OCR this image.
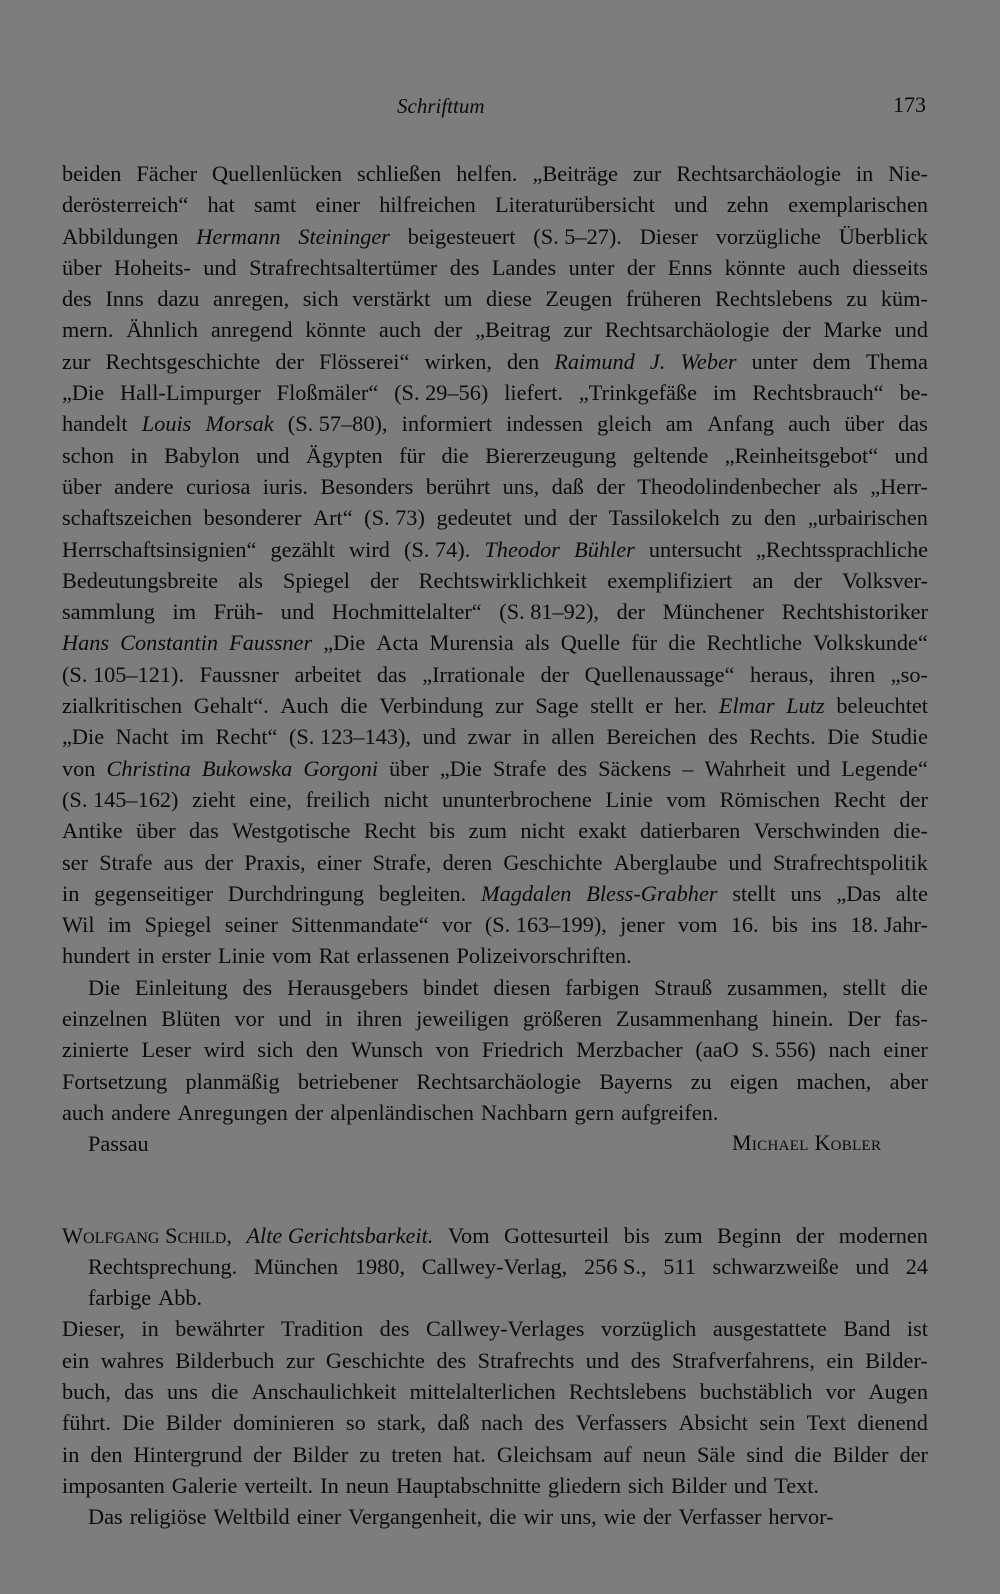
Schrifttum	173
beiden Fächer Quellenlücken schließen helfen. „Beiträge zur Rechtsarchäologie in Nie-
derösterreich“ hat samt einer hilfreichen Literaturübersicht und zehn exemplarischen
Abbildungen Hermann Steininger beigesteuert (S. 5–27). Dieser vorzügliche Überblick
über Hoheits- und Strafrechtsaltertümer des Landes unter der Enns könnte auch diesseits
des Inns dazu anregen, sich verstärkt um diese Zeugen früheren Rechtslebens zu küm-
mern. Ähnlich anregend könnte auch der „Beitrag zur Rechtsarchäologie der Marke und
zur Rechtsgeschichte der Flösserei“ wirken, den Raimund J. Weber unter dem Thema
„Die Hall-Limpurger Floßmäler“ (S. 29–56) liefert. „Trinkgefäße im Rechtsbrauch“ be-
handelt Louis Morsak (S. 57–80), informiert indessen gleich am Anfang auch über das
schon in Babylon und Ägypten für die Biererzeugung geltende „Reinheitsgebot“ und
über andere curiosa iuris. Besonders berührt uns, daß der Theodolindenbecher als „Herr-
schaftszeichen besonderer Art“ (S. 73) gedeutet und der Tassilokelch zu den „urbairischen
Herrschaftsinsignien“ gezählt wird (S. 74). Theodor Bühler untersucht „Rechtssprachliche
Bedeutungsbreite als Spiegel der Rechtswirklichkeit exemplifiziert an der Volksver-
sammlung im Früh- und Hochmittelalter“ (S. 81–92), der Münchener Rechtshistoriker
Hans Constantin Faussner „Die Acta Murensia als Quelle für die Rechtliche Volkskunde“
(S. 105–121). Faussner arbeitet das „Irrationale der Quellenaussage“ heraus, ihren „so-
zialkritischen Gehalt“. Auch die Verbindung zur Sage stellt er her. Elmar Lutz beleuchtet
„Die Nacht im Recht“ (S. 123–143), und zwar in allen Bereichen des Rechts. Die Studie
von Christina Bukowska Gorgoni über „Die Strafe des Säckens – Wahrheit und Legende“
(S. 145–162) zieht eine, freilich nicht ununterbrochene Linie vom Römischen Recht der
Antike über das Westgotische Recht bis zum nicht exakt datierbaren Verschwinden die-
ser Strafe aus der Praxis, einer Strafe, deren Geschichte Aberglaube und Strafrechtspolitik
in gegenseitiger Durchdringung begleiten. Magdalen Bless-Grabher stellt uns „Das alte
Wil im Spiegel seiner Sittenmandate“ vor (S. 163–199), jener vom 16. bis ins 18. Jahr-
hundert in erster Linie vom Rat erlassenen Polizeivorschriften.
Die Einleitung des Herausgebers bindet diesen farbigen Strauß zusammen, stellt die
einzelnen Blüten vor und in ihren jeweiligen größeren Zusammenhang hinein. Der fas-
zinierte Leser wird sich den Wunsch von Friedrich Merzbacher (aaO S. 556) nach einer
Fortsetzung planmäßig betriebener Rechtsarchäologie Bayerns zu eigen machen, aber
auch andere Anregungen der alpenländischen Nachbarn gern aufgreifen.
Passau	Michael Kobler
Wolfgang Schild, Alte Gerichtsbarkeit. Vom Gottesurteil bis zum Beginn der modernen
Rechtsprechung. München 1980, Callwey-Verlag, 256 S., 511 schwarzweiße und 24
farbige Abb.
Dieser, in bewährter Tradition des Callwey-Verlages vorzüglich ausgestattete Band ist
ein wahres Bilderbuch zur Geschichte des Strafrechts und des Strafverfahrens, ein Bilder-
buch, das uns die Anschaulichkeit mittelalterlichen Rechtslebens buchstäblich vor Augen
führt. Die Bilder dominieren so stark, daß nach des Verfassers Absicht sein Text dienend
in den Hintergrund der Bilder zu treten hat. Gleichsam auf neun Säle sind die Bilder der
imposanten Galerie verteilt. In neun Hauptabschnitte gliedern sich Bilder und Text.
Das religiöse Weltbild einer Vergangenheit, die wir uns, wie der Verfasser hervor-
